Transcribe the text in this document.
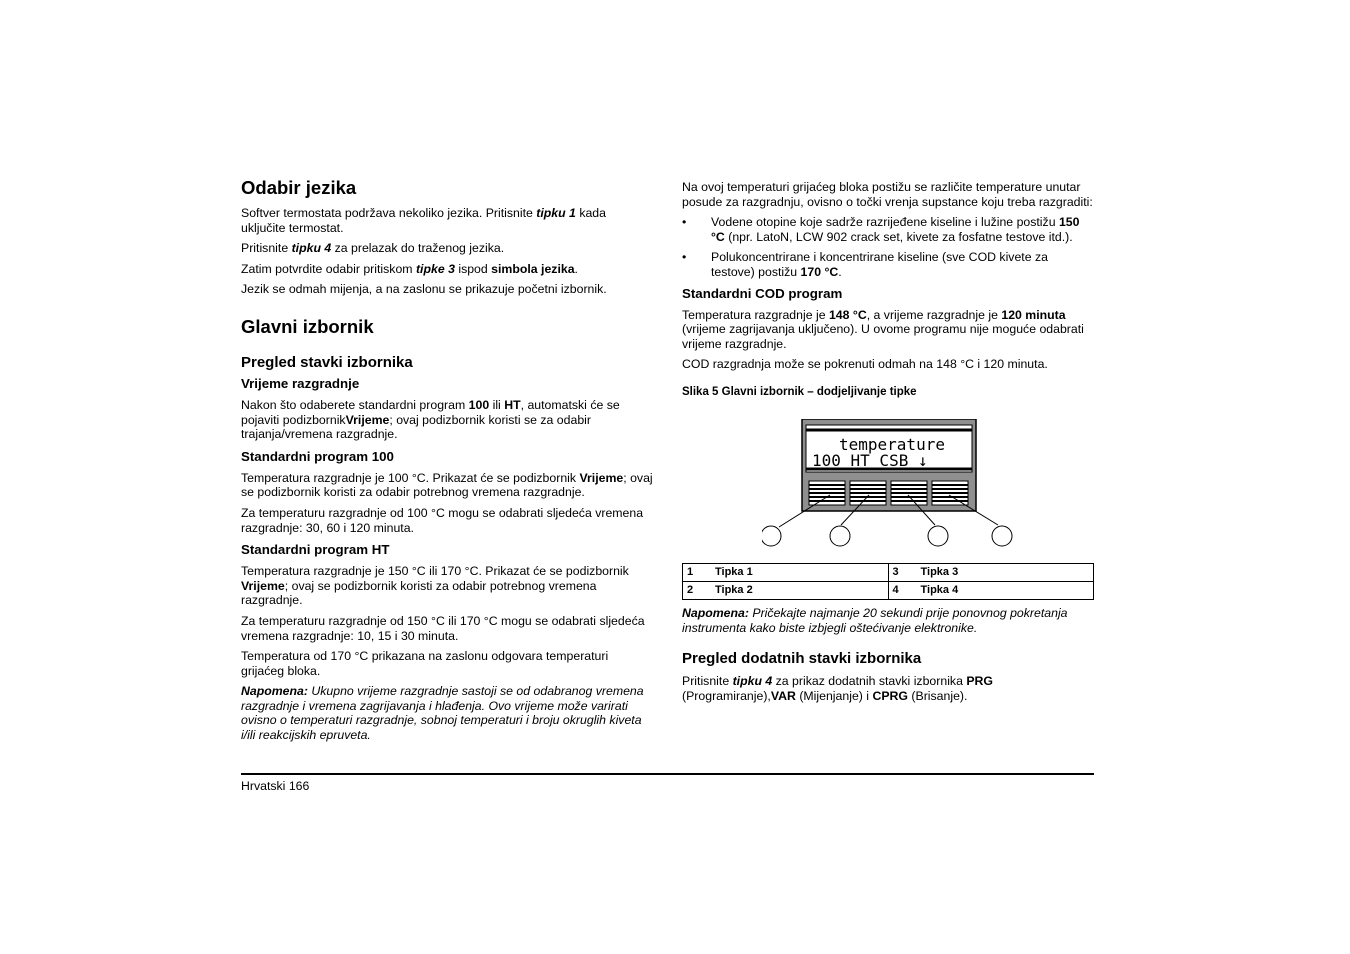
Odabir jezika

Softver termostata podržava nekoliko jezika. Pritisnite tipku 1 kada uključite termostat.

Pritisnite tipku 4 za prelazak do traženog jezika.

Zatim potvrdite odabir pritiskom tipke 3 ispod simbola jezika.

Jezik se odmah mijenja, a na zaslonu se prikazuje početni izbornik.

Glavni izbornik
Pregled stavki izbornika
Vrijeme razgradnje

Nakon što odaberete standardni program 100 ili HT, automatski će se pojaviti podizbornikVrijeme; ovaj podizbornik koristi se za odabir trajanja/vremena razgradnje.

Standardni program 100

Temperatura razgradnje je 100 °C. Prikazat će se podizbornik Vrijeme; ovaj se podizbornik koristi za odabir potrebnog vremena razgradnje.

Za temperaturu razgradnje od 100 °C mogu se odabrati sljedeća vremena razgradnje: 30, 60 i 120 minuta.

Standardni program HT

Temperatura razgradnje je 150 °C ili 170 °C. Prikazat će se podizbornik Vrijeme; ovaj se podizbornik koristi za odabir potrebnog vremena razgradnje.

Za temperaturu razgradnje od 150 °C ili 170 °C mogu se odabrati sljedeća vremena razgradnje: 10, 15 i 30 minuta.

Temperatura od 170 °C prikazana na zaslonu odgovara temperaturi grijaćeg bloka.

Napomena: Ukupno vrijeme razgradnje sastoji se od odabranog vremena razgradnje i vremena zagrijavanja i hlađenja. Ovo vrijeme može varirati ovisno o temperaturi razgradnje, sobnoj temperaturi i broju okruglih kiveta i/ili reakcijskih epruveta.

Na ovoj temperaturi grijaćeg bloka postižu se različite temperature unutar posude za razgradnju, ovisno o točki vrenja supstance koju treba razgraditi:

• Vodene otopine koje sadrže razrijeđene kiseline i lužine postižu 150 °C (npr. LatoN, LCW 902 crack set, kivete za fosfatne testove itd.).
• Polukoncentrirane i koncentrirane kiseline (sve COD kivete za testove) postižu 170 °C.
Standardni COD program

Temperatura razgradnje je 148 °C, a vrijeme razgradnje je 120 minuta (vrijeme zagrijavanja uključeno). U ovome programu nije moguće odabrati vrijeme razgradnje.

COD razgradnja može se pokrenuti odmah na 148 °C i 120 minuta.

Slika 5 Glavni izbornik – dodjeljivanje tipke

temperature
100 HT CSB ↓
1	Tipka 1	3	Tipka 3
2	Tipka 2	4	Tipka 4

Napomena: Pričekajte najmanje 20 sekundi prije ponovnog pokretanja instrumenta kako biste izbjegli oštećivanje elektronike.

Pregled dodatnih stavki izbornika

Pritisnite tipku 4 za prikaz dodatnih stavki izbornika PRG (Programiranje),VAR (Mijenjanje) i CPRG (Brisanje).

Hrvatski 166
